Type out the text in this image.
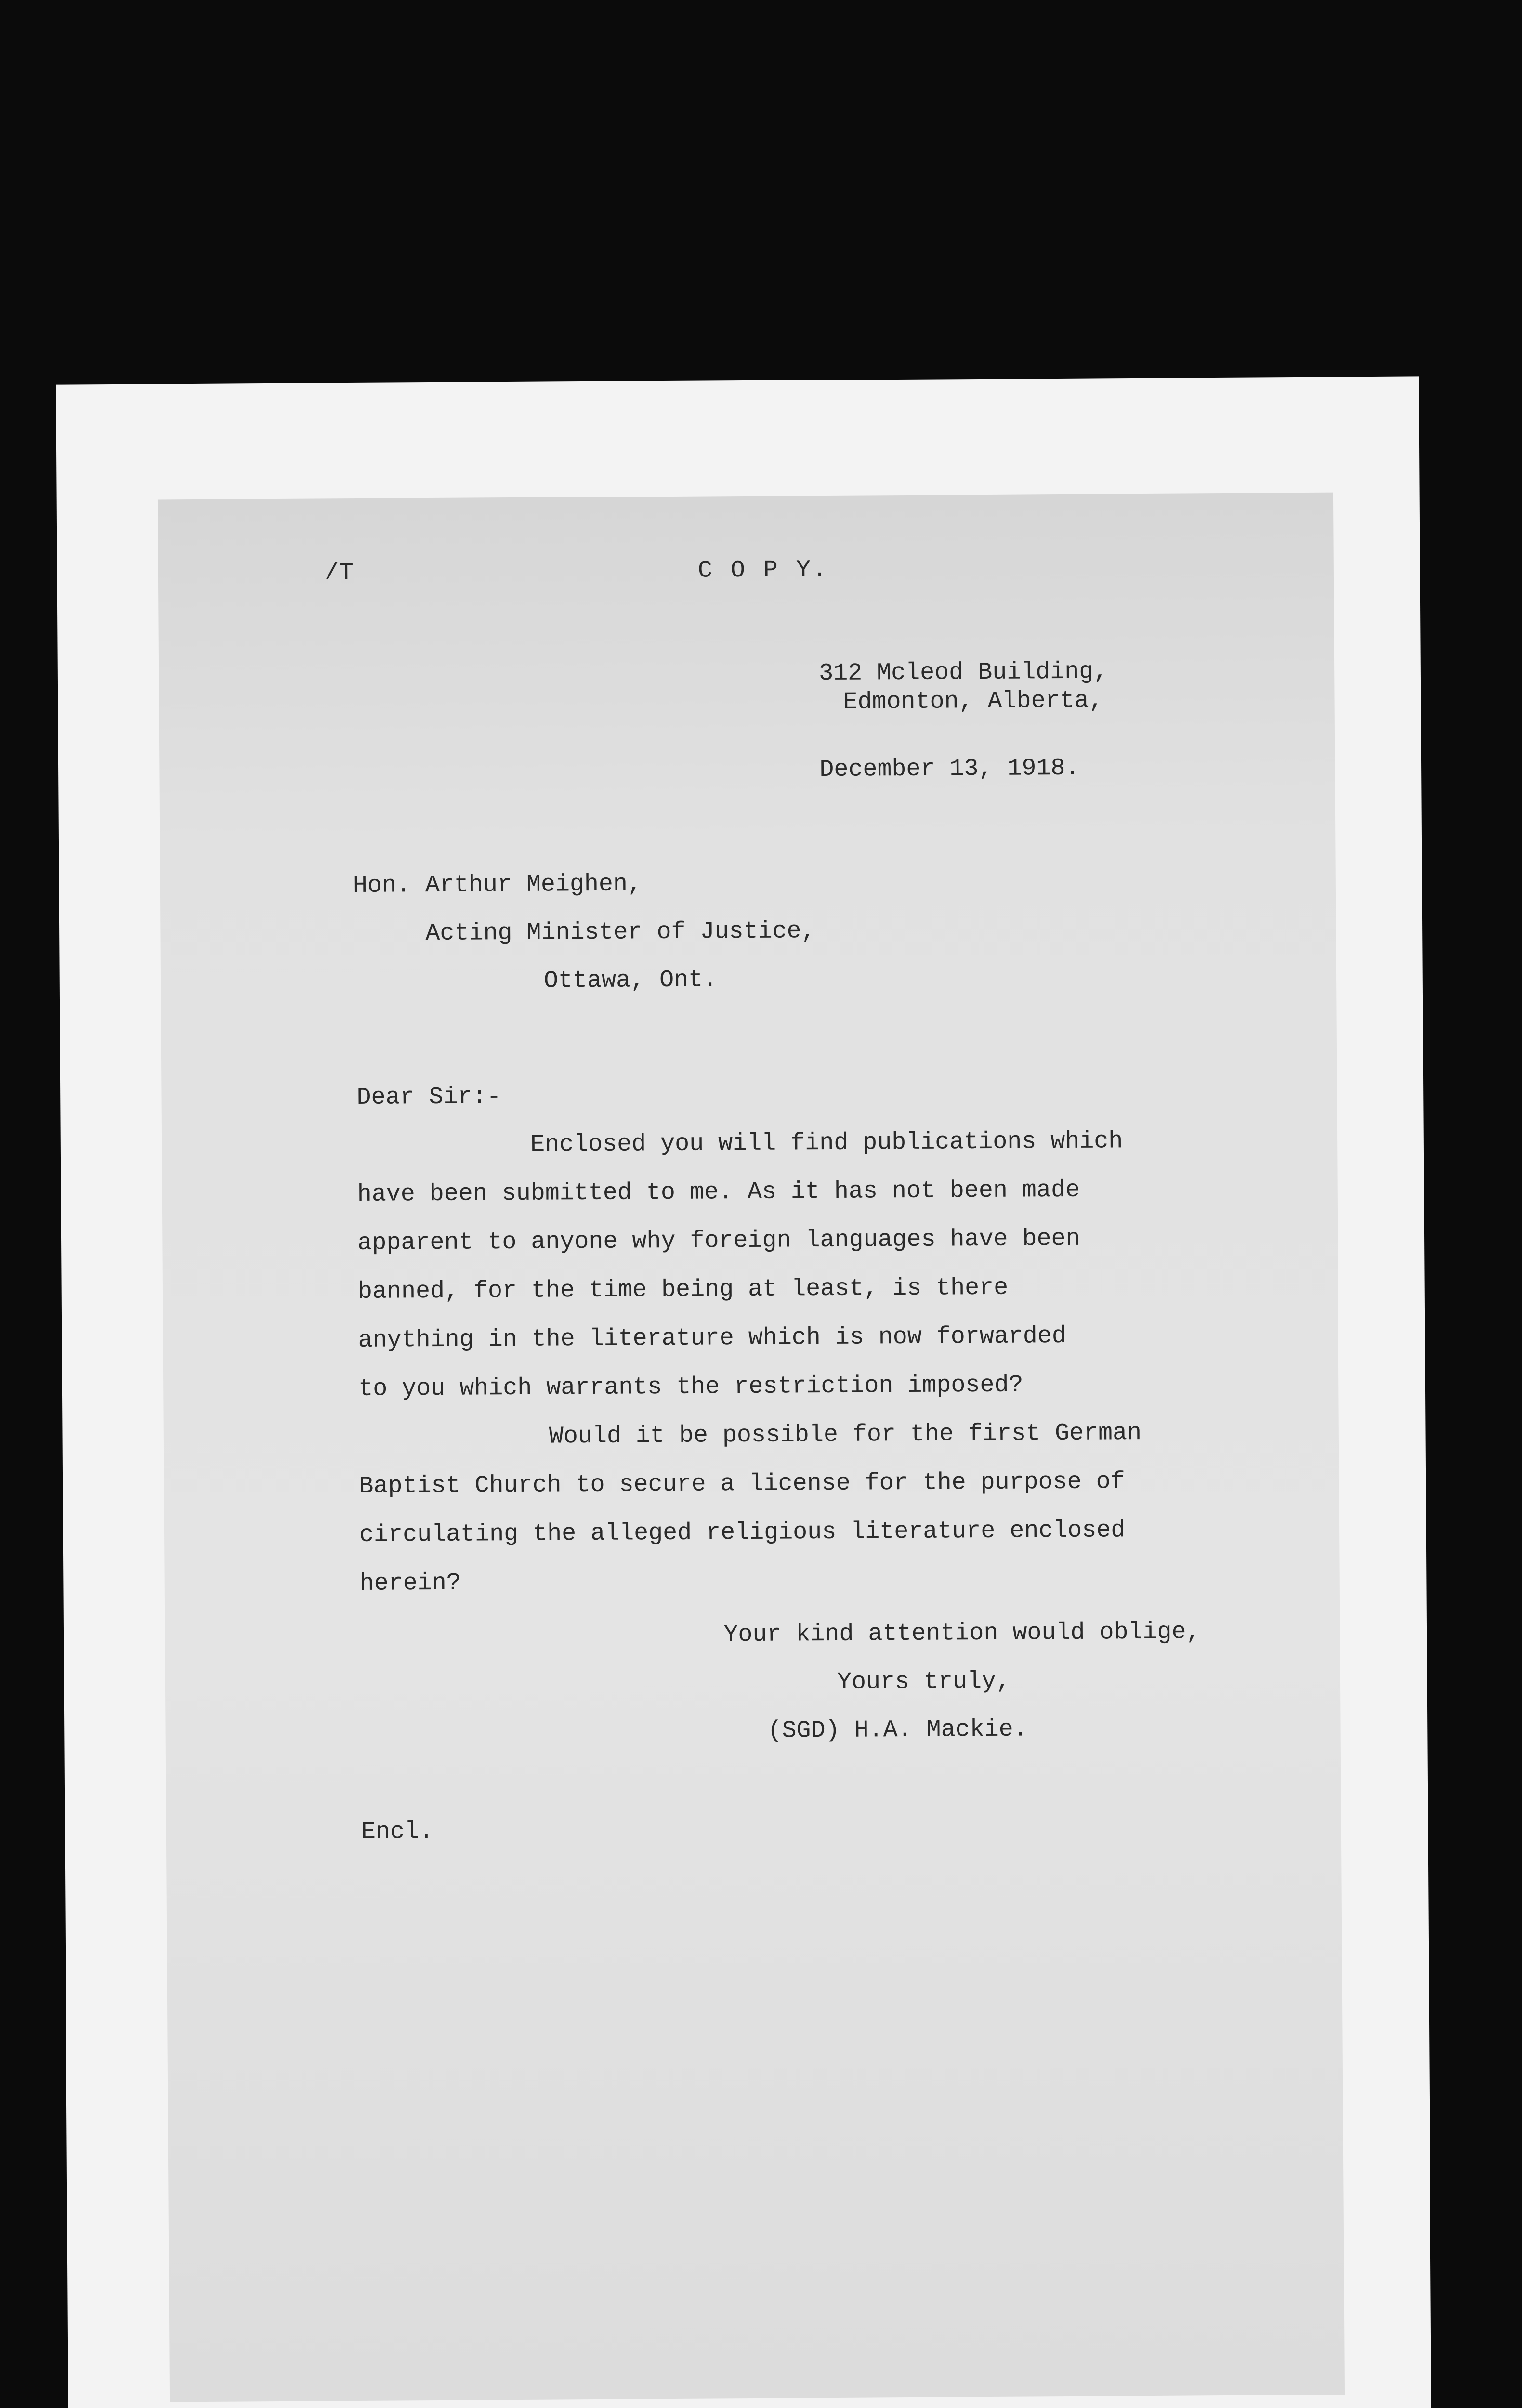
/T	C O P Y.
312 Mcleod Building,
Edmonton, Alberta,
December 13, 1918.
Hon. Arthur Meighen,
Acting Minister of Justice,
Ottawa, Ont.
Dear Sir:-
Enclosed you will find publications which
have been submitted to me. As it has not been made
apparent to anyone why foreign languages have been
banned, for the time being at least, is there
anything in the literature which is now forwarded
to you which warrants the restriction imposed?
Would it be possible for the first German
Baptist Church to secure a license for the purpose of
circulating the alleged religious literature enclosed
herein?
Your kind attention would oblige,
Yours truly,
(SGD) H.A. Mackie.
Encl.
